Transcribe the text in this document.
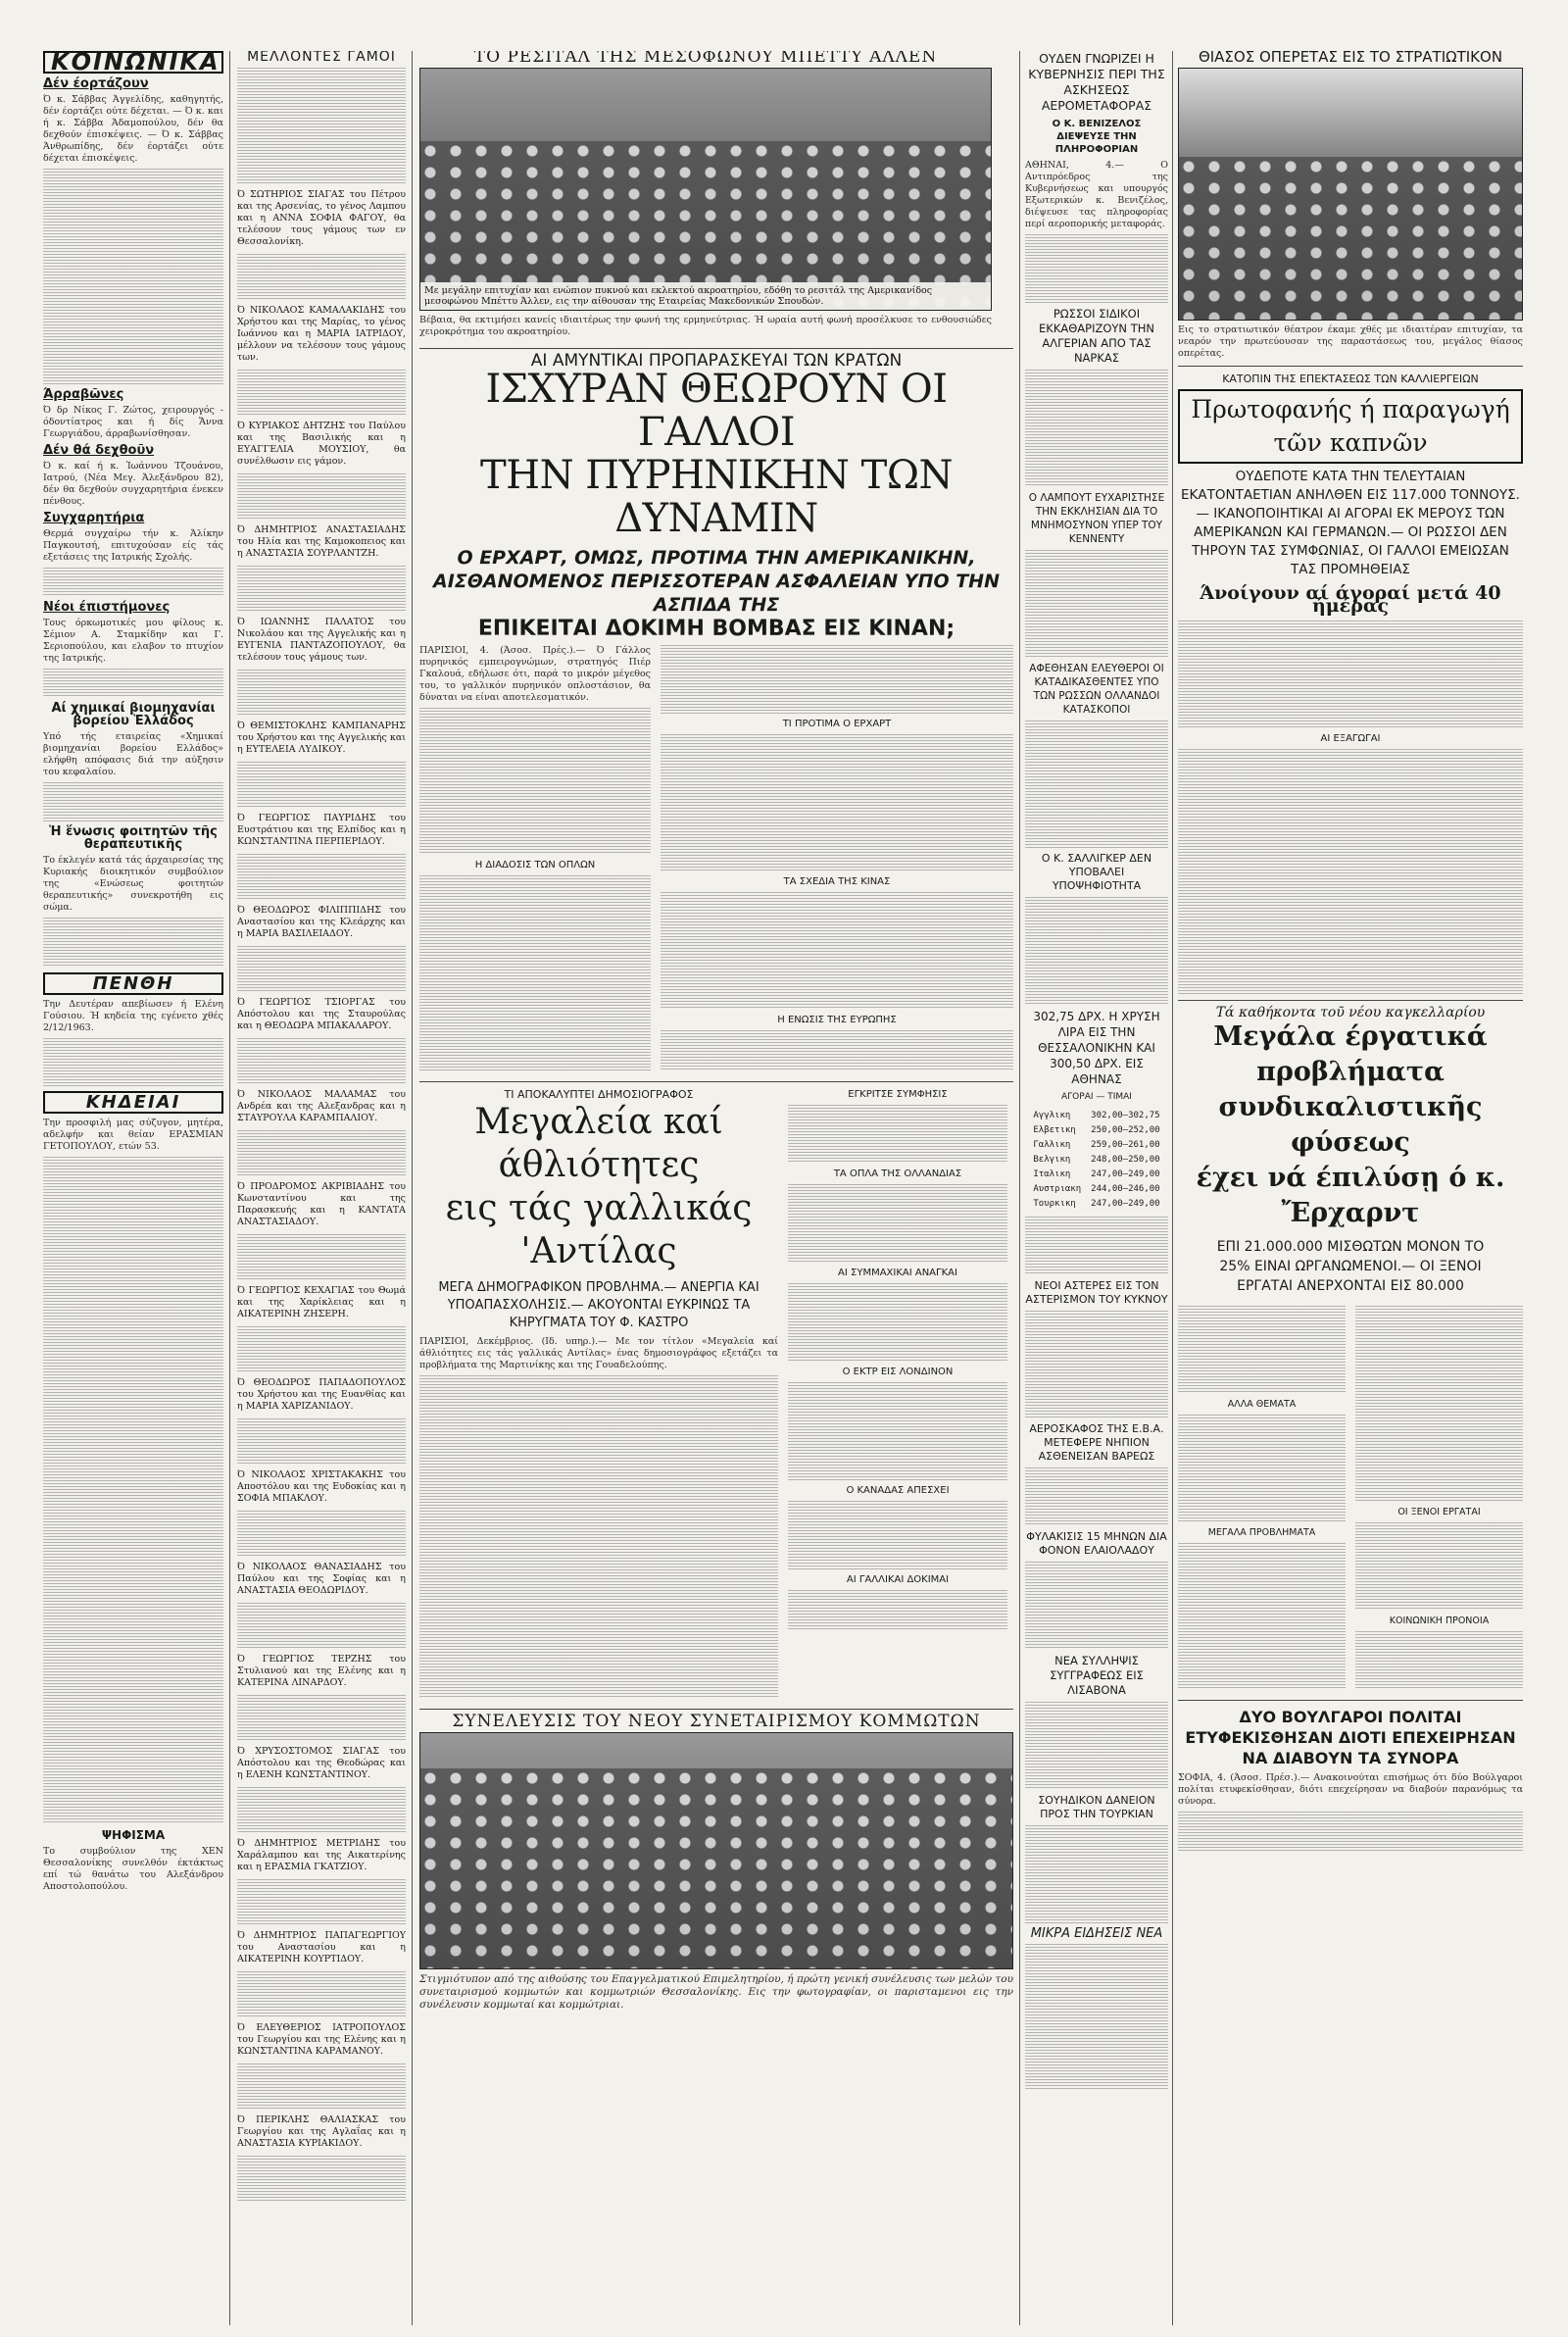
ΚΟΙΝΩΝΙΚΑ
Δέν έορτάζουν

Ό κ. Σάββας Άγγελίδης, καθηγητής, δέν έορτάζει ούτε δέχεται. — Ό κ. και ή κ. Σάββα Άδαμοπούλου, δέν θα δεχθούν έπισκέψεις. — Ό κ. Σάββας Άνθρωπίδης, δέν έορτάζει ούτε δέχεται έπισκέψεις.

Άρραβῶνες

Ό δρ Νίκος Γ. Ζώτος, χειρουργός - όδοντίατρος και ή δίς Ἄννα Γεωργιάδου, άρραβωνίσθησαν.

Δέν θά δεχθοῦν

Ό κ. καί ή κ. Ἰωάννου Τζουάνου, Ιατρού, (Νέα Μεγ. Άλεξάνδρου 82), δέν θα δεχθούν συγχαρητήρια ένεκεν πένθους.

Συγχαρητήρια

Θερμά συγχαίρω τήν κ. Άλίκην Παγκουτσή, επιτυχούσαν είς τάς εξετάσεις της Ιατρικής Σχολής.

Νέοι έπιστήμονες

Τους όρκωμοτικές μου φίλους κ. Σέμιον Α. Σταμκίδην και Γ. Σεριοπούλου, και ελαβον το πτυχίον της Ιατρικής.

Αί χημικαί βιομηχανίαι βορείου Ἑλλάδος

Υπό τής εταιρείας «Χημικαί βιομηχανίαι βορείου Ελλάδος» ελήφθη απόφασις διά την αύξησιν του κεφαλαίου.

Ἡ ἕνωσις φοιτητῶν τῆς θεραπευτικῆς

Το έκλεγέν κατά τάς άρχαιρεσίας της Κυριακής διοικητικόν συμβούλιον της «Ενώσεως φοιτητών θεραπευτικής» συνεκροτήθη εις σώμα.

ΠΕΝΘΗ

Την Δευτέραν απεβίωσεν ή Ελένη Γούσιου. Ή κηδεία της εγένετο χθές 2/12/1963.

ΚΗΔΕΙΑΙ

Την προσφιλή μας σύζυγον, μητέρα, αδελφήν και θείαν ΕΡΑΣΜΙΑΝ ΓΕΤΟΠΟΥΛΟΥ, ετών 53.

ΨΗΦΙΣΜΑ

Το συμβούλιον της ΧΕΝ Θεσσαλονίκης συνελθόν έκτάκτως επί τώ θανάτω του Αλεξάνδρου Αποστολοπούλου.

ΜΕΛΛΟΝΤΕΣ ΓΑΜΟΙ
Ό ΣΩΤΗΡΙΟΣ ΣΙΑΓΑΣ του Πέτρου και της Αρσενίας, το γένος Λαμπου και η ΑΝΝΑ ΣΟΦΙΑ ΦΑΓΟΥ, θα τελέσουν τους γάμους των εν Θεσσαλονίκη.
Ό ΝΙΚΟΛΑΟΣ ΚΑΜΑΛΑΚΙΔΗΣ του Χρήστου και της Μαρίας, το γένος Ιωάννου και η ΜΑΡΙΑ ΙΑΤΡΙΔΟΥ, μέλλουν να τελέσουν τους γάμους των.
Ό ΚΥΡΙΑΚΟΣ ΔΗΤΖΗΣ του Παύλου και της Βασιλικής και η ΕΥΑΓΓΕΛΙΑ ΜΟΥΣΙΟΥ, θα συνέλθωσιν εις γάμον.
Ό ΔΗΜΗΤΡΙΟΣ ΑΝΑΣΤΑΣΙΑΔΗΣ του Ηλία και της Καμοκοπειος και η ΑΝΑΣΤΑΣΙΑ ΣΟΥΡΛΑΝΤΖΗ.
Ό ΙΩΑΝΝΗΣ ΠΑΛΑΤΟΣ του Νικολάου και της Αγγελικής και η ΕΥΓΕΝΙΑ ΠΑΝΤΑΖΟΠΟΥΛΟΥ, θα τελέσουν τους γάμους των.
Ό ΘΕΜΙΣΤΟΚΛΗΣ ΚΑΜΠΑΝΑΡΗΣ του Χρήστου και της Αγγελικής και η ΕΥΤΕΛΕΙΑ ΛΥΔΙΚΟΥ.
Ό ΓΕΩΡΓΙΟΣ ΠΑΥΡΙΔΗΣ του Ευστράτιου και της Ελπίδος και η ΚΩΝΣΤΑΝΤΙΝΑ ΠΕΡΠΕΡΙΔΟΥ.
Ό ΘΕΟΔΩΡΟΣ ΦΙΛΙΠΠΙΔΗΣ του Αναστασίου και της Κλεάρχης και η ΜΑΡΙΑ ΒΑΣΙΛΕΙΑΔΟΥ.
Ό ΓΕΩΡΓΙΟΣ ΤΣΙΟΡΓΑΣ του Απόστολου και της Σταυρούλας και η ΘΕΟΔΩΡΑ ΜΠΑΚΑΛΑΡΟΥ.
Ό ΝΙΚΟΛΑΟΣ ΜΑΛΑΜΑΣ του Ανδρέα και της Αλεξανδρας και η ΣΤΑΥΡΟΥΛΑ ΚΑΡΑΜΠΑΛΙΟΥ.
Ό ΠΡΟΔΡΟΜΟΣ ΑΚΡΙΒΙΑΔΗΣ του Κωνσταντίνου και της Παρασκευής και η ΚΑΝΤΑΤΑ ΑΝΑΣΤΑΣΙΑΔΟΥ.
Ό ΓΕΩΡΓΙΟΣ ΚΕΧΑΓΙΑΣ του Θωμά και της Χαρίκλειας και η ΑΙΚΑΤΕΡΙΝΗ ΖΗΣΕΡΗ.
Ό ΘΕΟΔΩΡΟΣ ΠΑΠΑΔΟΠΟΥΛΟΣ του Χρήστου και της Ευανθίας και η ΜΑΡΙΑ ΧΑΡΙΖΑΝΙΔΟΥ.
Ό ΝΙΚΟΛΑΟΣ ΧΡΙΣΤΑΚΑΚΗΣ του Αποστόλου και της Ευδοκίας και η ΣΟΦΙΑ ΜΠΑΚΛΟΥ.
Ό ΝΙΚΟΛΑΟΣ ΘΑΝΑΣΙΑΔΗΣ του Παύλου και της Σοφίας και η ΑΝΑΣΤΑΣΙΑ ΘΕΟΔΩΡΙΔΟΥ.
Ό ΓΕΩΡΓΙΟΣ ΤΕΡΖΗΣ του Στυλιανού και της Ελένης και η ΚΑΤΕΡΙΝΑ ΛΙΝΑΡΔΟΥ.
Ό ΧΡΥΣΟΣΤΟΜΟΣ ΣΙΑΓΑΣ του Απόστολου και της Θεοδώρας και η ΕΛΕΝΗ ΚΩΝΣΤΑΝΤΙΝΟΥ.
Ό ΔΗΜΗΤΡΙΟΣ ΜΕΤΡΙΔΗΣ του Χαράλαμπου και της Αικατερίνης και η ΕΡΑΣΜΙΑ ΓΚΑΤΖΙΟΥ.
Ό ΔΗΜΗΤΡΙΟΣ ΠΑΠΑΓΕΩΡΓΙΟΥ του Αναστασίου και η ΑΙΚΑΤΕΡΙΝΗ ΚΟΥΡΤΙΔΟΥ.
Ό ΕΛΕΥΘΕΡΙΟΣ ΙΑΤΡΟΠΟΥΛΟΣ του Γεωργίου και της Ελένης και η ΚΩΝΣΤΑΝΤΙΝΑ ΚΑΡΑΜΑΝΟΥ.
Ό ΠΕΡΙΚΛΗΣ ΘΑΛΙΑΣΚΑΣ του Γεωργίου και της Αγλαΐας και η ΑΝΑΣΤΑΣΙΑ ΚΥΡΙΑΚΙΔΟΥ.
ΤΟ ΡΕΣΙΤΑΛ ΤΗΣ ΜΕΣΟΦΩΝΟΥ ΜΠΕΤΤΥ ΑΛΛΕΝ
Με μεγάλην επιτυχίαν και ενώπιον πυκνού και εκλεκτού ακροατηρίου, εδόθη το ρεσιτάλ της Αμερικανίδος μεσοφώνου Μπέττυ Άλλεν, εις την αίθουσαν της Εταιρείας Μακεδονικών Σπουδών.

Βέβαια, θα εκτιμήσει κανείς ιδιαιτέρως την φωνή της ερμηνεύτριας. Ή ωραία αυτή φωνή προσέλκυσε το ενθουσιώδες χειροκρότημα του ακροατηρίου.

ΑΙ ΑΜΥΝΤΙΚΑΙ ΠΡΟΠΑΡΑΣΚΕΥΑΙ ΤΩΝ ΚΡΑΤΩΝ
ΙΣΧΥΡΑΝ ΘΕΩΡΟΥΝ ΟΙ ΓΑΛΛΟΙ
ΤΗΝ ΠΥΡΗΝΙΚΗΝ ΤΩΝ ΔΥΝΑΜΙΝ
Ο ΕΡΧΑΡΤ, ΟΜΩΣ, ΠΡΟΤΙΜΑ ΤΗΝ ΑΜΕΡΙΚΑΝΙΚΗΝ, ΑΙΣΘΑΝΟΜΕΝΟΣ ΠΕΡΙΣΣΟΤΕΡΑΝ ΑΣΦΑΛΕΙΑΝ ΥΠΟ ΤΗΝ ΑΣΠΙΔΑ ΤΗΣ
ΕΠΙΚΕΙΤΑΙ ΔΟΚΙΜΗ ΒΟΜΒΑΣ ΕΙΣ ΚΙΝΑΝ;

ΠΑΡΙΣΙΟΙ, 4. (Άσοσ. Πρές.).— Ό Γάλλος πυρηνικός εμπειρογνώμων, στρατηγός Πιέρ Γκαλουά, εδήλωσε ότι, παρά το μικρόν μέγεθος του, το γαλλικόν πυρηνικόν οπλοστάσιον, θα δύναται να είναι αποτελεσματικόν.

Η ΔΙΑΔΟΣΙΣ ΤΩΝ ΟΠΛΩΝ
ΤΙ ΠΡΟΤΙΜΑ Ο ΕΡΧΑΡΤ
ΤΑ ΣΧΕΔΙΑ ΤΗΣ ΚΙΝΑΣ
Η ΕΝΩΣΙΣ ΤΗΣ ΕΥΡΩΠΗΣ
ΤΙ ΑΠΟΚΑΛΥΠΤΕΙ ΔΗΜΟΣΙΟΓΡΑΦΟΣ
Μεγαλεία καί άθλιότητες
εις τάς γαλλικάς 'Αντίλας
ΜΕΓΑ ΔΗΜΟΓΡΑΦΙΚΟΝ ΠΡΟΒΛΗΜΑ.— ΑΝΕΡΓΙΑ ΚΑΙ ΥΠΟΑΠΑΣΧΟΛΗΣΙΣ.— ΑΚΟΥΟΝΤΑΙ ΕΥΚΡΙΝΩΣ ΤΑ ΚΗΡΥΓΜΑΤΑ ΤΟΥ Φ. ΚΑΣΤΡΟ

ΠΑΡΙΣΙΟΙ, Δεκέμβριος. (Ιδ. υπηρ.).— Με τον τίτλον «Μεγαλεία καί άθλιότητες εις τάς γαλλικάς Αντίλας» ένας δημοσιογράφος εξετάζει τα προβλήματα της Μαρτινίκης και της Γουαδελούπης.

ΕΓΚΡΙΤΣΕ ΣΥΜΦΗΣΙΣ
ΤΑ ΟΠΛΑ ΤΗΣ ΟΛΛΑΝΔΙΑΣ
ΑΙ ΣΥΜΜΑΧΙΚΑΙ ΑΝΑΓΚΑΙ
Ο ΕΚΤΡ ΕΙΣ ΛΟΝΔΙΝΟΝ
Ο ΚΑΝΑΔΑΣ ΑΠΕΣΧΕΙ
ΑΙ ΓΑΛΛΙΚΑΙ ΔΟΚΙΜΑΙ
ΣΥΝΕΛΕΥΣΙΣ ΤΟΥ ΝΕΟΥ ΣΥΝΕΤΑΙΡΙΣΜΟΥ ΚΟΜΜΩΤΩΝ

Στιγμιότυπον από της αιθούσης του Επαγγελματικού Επιμελητηρίου, ή πρώτη γενική συνέλευσις των μελών του συνεταιρισμού κομμωτών και κομμωτριών Θεσσαλονίκης. Εις την φωτογραφίαν, οι παρισταμενοι εις την συνέλευσιν κομμωταί και κομμώτριαι.

ΟΥΔΕΝ ΓΝΩΡΙΖΕΙ Η ΚΥΒΕΡΝΗΣΙΣ ΠΕΡΙ ΤΗΣ ΑΣΚΗΣΕΩΣ ΑΕΡΟΜΕΤΑΦΟΡΑΣ
Ο Κ. ΒΕΝΙΖΕΛΟΣ ΔΙΕΨΕΥΣΕ ΤΗΝ ΠΛΗΡΟΦΟΡΙΑΝ

ΑΘΗΝΑΙ, 4.— Ο Αντιπρόεδρος της Κυβερνήσεως και υπουργός Εξωτερικών κ. Βενιζέλος, διέψευσε τας πληροφορίας περί αεροπορικής μεταφοράς.

ΡΩΣΣΟΙ ΣΙΔΙΚΟΙ ΕΚΚΑΘΑΡΙΖΟΥΝ ΤΗΝ ΑΛΓΕΡΙΑΝ ΑΠΟ ΤΑΣ ΝΑΡΚΑΣ
Ο ΛΑΜΠΟΥΤ ΕΥΧΑΡΙΣΤΗΣΕ ΤΗΝ ΕΚΚΛΗΣΙΑΝ ΔΙΑ ΤΟ ΜΝΗΜΟΣΥΝΟΝ ΥΠΕΡ ΤΟΥ ΚΕΝΝΕΝΤΥ
ΑΦΕΘΗΣΑΝ ΕΛΕΥΘΕΡΟΙ ΟΙ ΚΑΤΑΔΙΚΑΣΘΕΝΤΕΣ ΥΠΟ ΤΩΝ ΡΩΣΣΩΝ ΟΛΛΑΝΔΟΙ ΚΑΤΑΣΚΟΠΟΙ
Ο Κ. ΣΑΛΛΙΓΚΕΡ ΔΕΝ ΥΠΟΒΑΛΕΙ ΥΠΟΨΗΦΙΟΤΗΤΑ
302,75 ΔΡΧ. Η ΧΡΥΣΗ ΛΙΡΑ ΕΙΣ ΤΗΝ ΘΕΣΣΑΛΟΝΙΚΗΝ ΚΑΙ 300,50 ΔΡΧ. ΕΙΣ ΑΘΗΝΑΣ
ΑΓΟΡΑΙ — ΤΙΜΑΙ
Αγγλικη	302,00—302,75
Ελβετικη	250,00—252,00
Γαλλικη	259,00—261,00
Βελγικη	248,00—250,00
Ιταλικη	247,00—249,00
Αυστριακη	244,00—246,00
Τουρκικη	247,00—249,00
ΝΕΟΙ ΑΣΤΕΡΕΣ ΕΙΣ ΤΟΝ ΑΣΤΕΡΙΣΜΟΝ ΤΟΥ ΚΥΚΝΟΥ
ΑΕΡΟΣΚΑΦΟΣ ΤΗΣ Ε.Β.Α. ΜΕΤΕΦΕΡΕ ΝΗΠΙΟΝ ΑΣΘΕΝΕΙΣΑΝ ΒΑΡΕΩΣ
ΦΥΛΑΚΙΣΙΣ 15 ΜΗΝΩΝ ΔΙΑ ΦΟΝΟΝ ΕΛΑΙΟΛΑΔΟΥ
ΝΕΑ ΣΥΛΛΗΨΙΣ ΣΥΓΓΡΑΦΕΩΣ ΕΙΣ ΛΙΣΑΒΟΝΑ
ΣΟΥΗΔΙΚΟΝ ΔΑΝΕΙΟΝ ΠΡΟΣ ΤΗΝ ΤΟΥΡΚΙΑΝ
ΜΙΚΡΑ ΕΙΔΗΣΕΙΣ ΝΕΑ
ΘΙΑΣΟΣ ΟΠΕΡΕΤΑΣ ΕΙΣ ΤΟ ΣΤΡΑΤΙΩΤΙΚΟΝ

Εις το στρατιωτικόν θέατρον έκαμε χθές με ιδιαιτέραν επιτυχίαν, τα νεαρόν την πρωτεύουσαν της παραστάσεως του, μεγάλος θίασος οπερέτας.

ΚΑΤΟΠΙΝ ΤΗΣ ΕΠΕΚΤΑΣΕΩΣ ΤΩΝ ΚΑΛΛΙΕΡΓΕΙΩΝ
Πρωτοφανής ή παραγωγή τῶν καπνῶν
ΟΥΔΕΠΟΤΕ ΚΑΤΑ ΤΗΝ ΤΕΛΕΥΤΑΙΑΝ ΕΚΑΤΟΝΤΑΕΤΙΑΝ ΑΝΗΛΘΕΝ ΕΙΣ 117.000 ΤΟΝΝΟΥΣ.— ΙΚΑΝΟΠΟΙΗΤΙΚΑΙ ΑΙ ΑΓΟΡΑΙ ΕΚ ΜΕΡΟΥΣ ΤΩΝ ΑΜΕΡΙΚΑΝΩΝ ΚΑΙ ΓΕΡΜΑΝΩΝ.— ΟΙ ΡΩΣΣΟΙ ΔΕΝ ΤΗΡΟΥΝ ΤΑΣ ΣΥΜΦΩΝΙΑΣ, ΟΙ ΓΑΛΛΟΙ ΕΜΕΙΩΣΑΝ ΤΑΣ ΠΡΟΜΗΘΕΙΑΣ
Άνοίγουν αί άγοραί μετά 40 ήμέρας
ΑΙ ΕΞΑΓΩΓΑΙ
Τά καθήκοντα τοῦ νέου καγκελλαρίου
Μεγάλα έργατικά προβλήματα
συνδικαλιστικῆς φύσεως
έχει νά έπιλύσῃ ό κ. Ἔρχαρντ
ΕΠΙ 21.000.000 ΜΙΣΘΩΤΩΝ ΜΟΝΟΝ ΤΟ 25% ΕΙΝΑΙ ΩΡΓΑΝΩΜΕΝΟΙ.— ΟΙ ΞΕΝΟΙ ΕΡΓΑΤΑΙ ΑΝΕΡΧΟΝΤΑΙ ΕΙΣ 80.000
ΑΛΛΑ ΘΕΜΑΤΑ
ΜΕΓΑΛΑ ΠΡΟΒΛΗΜΑΤΑ
ΟΙ ΞΕΝΟΙ ΕΡΓΑΤΑΙ
ΚΟΙΝΩΝΙΚΗ ΠΡΟΝΟΙΑ
ΔΥΟ ΒΟΥΛΓΑΡΟΙ ΠΟΛΙΤΑΙ ΕΤΥΦΕΚΙΣΘΗΣΑΝ ΔΙΟΤΙ ΕΠΕΧΕΙΡΗΣΑΝ ΝΑ ΔΙΑΒΟΥΝ ΤΑ ΣΥΝΟΡΑ

ΣΟΦΙΑ, 4. (Άσοσ. Πρέσ.).— Ανακοινούται επισήμως ότι δύο Βούλγαροι πολίται ετυφεκίσθησαν, διότι επεχείρησαν να διαβούν παρανόμως τα σύνορα.
